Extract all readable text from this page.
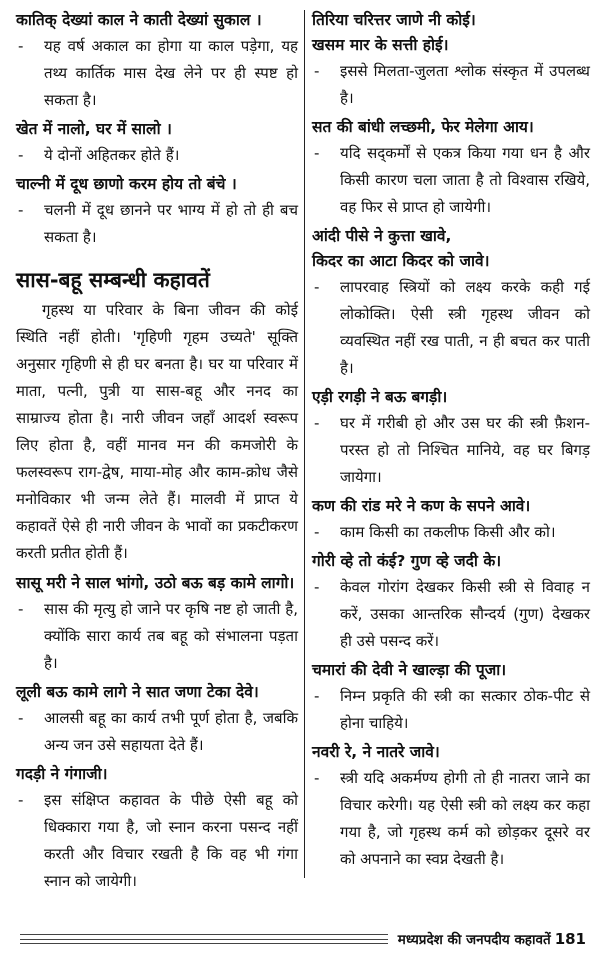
कातिक् देख्यां काल ने काती देख्यां सुकाल ।
-	यह वर्ष अकाल का होगा या काल पड़ेगा, यह तथ्य कार्तिक मास देख लेने पर ही स्पष्ट हो सकता है।
खेत में नालो, घर में सालो ।
-	ये दोनों अहितकर होते हैं।
चाल्नी में दूध छाणो करम होय तो बंचे ।
-	चलनी में दूध छानने पर भाग्य में हो तो ही बच सकता है।
सास-बहू सम्बन्धी कहावतें
गृहस्थ या परिवार के बिना जीवन की कोई स्थिति नहीं होती। 'गृहिणी गृहम उच्यते' सूक्ति अनुसार गृहिणी से ही घर बनता है। घर या परिवार में माता, पत्नी, पुत्री या सास-बहू और ननद का साम्राज्य होता है। नारी जीवन जहाँ आदर्श स्वरूप लिए होता है, वहीं मानव मन की कमजोरी के फलस्वरूप राग-द्वेष, माया-मोह और काम-क्रोध जैसे मनोविकार भी जन्म लेते हैं। मालवी में प्राप्त ये कहावतें ऐसे ही नारी जीवन के भावों का प्रकटीकरण करती प्रतीत होती हैं।
सासू मरी ने साल भांगो, उठो बऊ बड़ कामे लागो।
-	सास की मृत्यु हो जाने पर कृषि नष्ट हो जाती है, क्योंकि सारा कार्य तब बहू को संभालना पड़ता है।
लूली बऊ कामे लागे ने सात जणा टेका देवे।
-	आलसी बहू का कार्य तभी पूर्ण होता है, जबकि अन्य जन उसे सहायता देते हैं।
गदड़ी ने गंगाजी।
-	इस संक्षिप्त कहावत के पीछे ऐसी बहू को धिक्कारा गया है, जो स्नान करना पसन्द नहीं करती और विचार रखती है कि वह भी गंगा स्नान को जायेगी।
तिरिया चरित्तर जाणे नी कोई।
खसम मार के सत्ती होई।
-	इससे मिलता-जुलता श्लोक संस्कृत में उपलब्ध है।
सत की बांधी लच्छमी, फेर मेलेगा आय।
-	यदि सद्कर्मों से एकत्र किया गया धन है और किसी कारण चला जाता है तो विश्वास रखिये, वह फिर से प्राप्त हो जायेगी।
आंदी पीसे ने कुत्ता खावे,
किदर का आटा किदर को जावे।
-	लापरवाह स्त्रियों को लक्ष्य करके कही गई लोकोक्ति। ऐसी स्त्री गृहस्थ जीवन को व्यवस्थित नहीं रख पाती, न ही बचत कर पाती है।
एड़ी रगड़ी ने बऊ बगड़ी।
-	घर में गरीबी हो और उस घर की स्त्री फ़ैशन-परस्त हो तो निश्चित मानिये, वह घर बिगड़ जायेगा।
कण की रांड मरे ने कण के सपने आवे।
-	काम किसी का तकलीफ किसी और को।
गोरी व्हे तो कंई? गुण व्हे जदी के।
-	केवल गोरांग देखकर किसी स्त्री से विवाह न करें, उसका आन्तरिक सौन्दर्य (गुण) देखकर ही उसे पसन्द करें।
चमारां की देवी ने खाल्ड़ा की पूजा।
-	निम्न प्रकृति की स्त्री का सत्कार ठोक-पीट से होना चाहिये।
नवरी रे, ने नातरे जावे।
-	स्त्री यदि अकर्मण्य होगी तो ही नातरा जाने का विचार करेगी। यह ऐसी स्त्री को लक्ष्य कर कहा गया है, जो गृहस्थ कर्म को छोड़कर दूसरे वर को अपनाने का स्वप्न देखती है।
मध्यप्रदेश की जनपदीय कहावतें 181
